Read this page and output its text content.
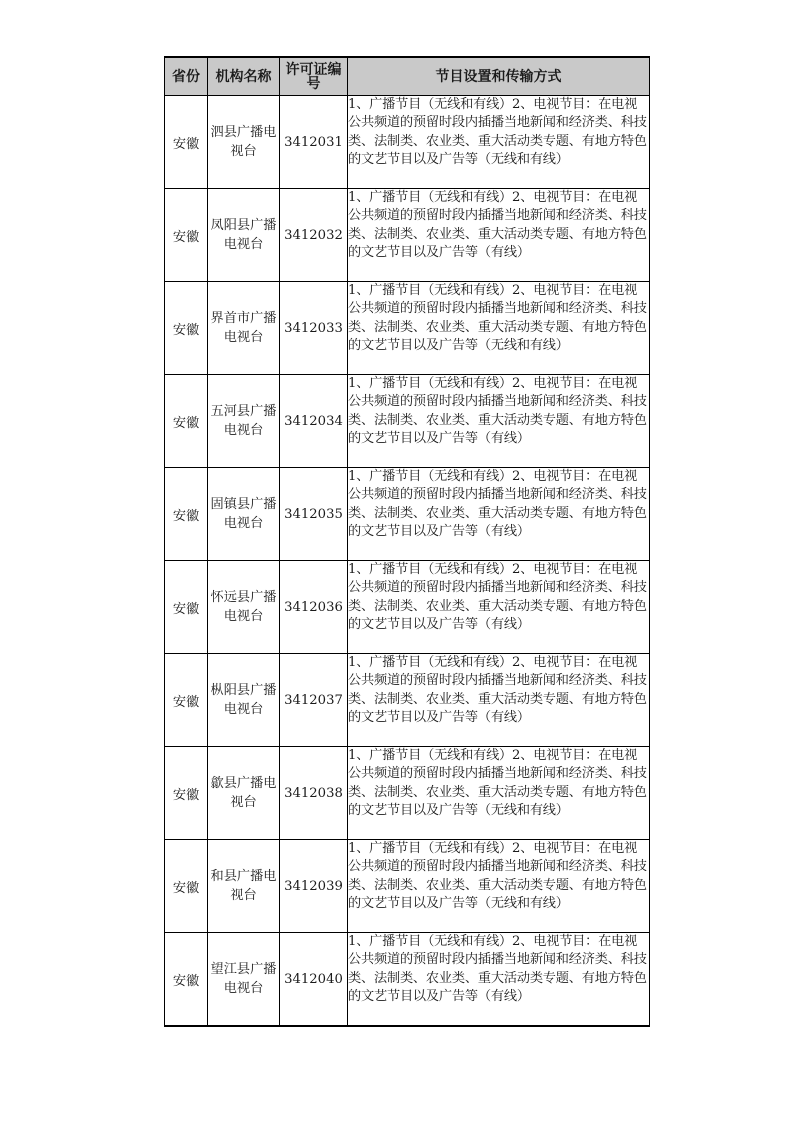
省份	机构名称	许可证编号	节目设置和传输方式
安徽	泗县广播电视台	3412031	1、广播节目（无线和有线）2、电视节目：在电视公共频道的预留时段内插播当地新闻和经济类、科技类、法制类、农业类、重大活动类专题、有地方特色的文艺节目以及广告等（无线和有线）
安徽	凤阳县广播电视台	3412032	1、广播节目（无线和有线）2、电视节目：在电视公共频道的预留时段内插播当地新闻和经济类、科技类、法制类、农业类、重大活动类专题、有地方特色的文艺节目以及广告等（有线）
安徽	界首市广播电视台	3412033	1、广播节目（无线和有线）2、电视节目：在电视公共频道的预留时段内插播当地新闻和经济类、科技类、法制类、农业类、重大活动类专题、有地方特色的文艺节目以及广告等（无线和有线）
安徽	五河县广播电视台	3412034	1、广播节目（无线和有线）2、电视节目：在电视公共频道的预留时段内插播当地新闻和经济类、科技类、法制类、农业类、重大活动类专题、有地方特色的文艺节目以及广告等（有线）
安徽	固镇县广播电视台	3412035	1、广播节目（无线和有线）2、电视节目：在电视公共频道的预留时段内插播当地新闻和经济类、科技类、法制类、农业类、重大活动类专题、有地方特色的文艺节目以及广告等（有线）
安徽	怀远县广播电视台	3412036	1、广播节目（无线和有线）2、电视节目：在电视公共频道的预留时段内插播当地新闻和经济类、科技类、法制类、农业类、重大活动类专题、有地方特色的文艺节目以及广告等（有线）
安徽	枞阳县广播电视台	3412037	1、广播节目（无线和有线）2、电视节目：在电视公共频道的预留时段内插播当地新闻和经济类、科技类、法制类、农业类、重大活动类专题、有地方特色的文艺节目以及广告等（有线）
安徽	歙县广播电视台	3412038	1、广播节目（无线和有线）2、电视节目：在电视公共频道的预留时段内插播当地新闻和经济类、科技类、法制类、农业类、重大活动类专题、有地方特色的文艺节目以及广告等（无线和有线）
安徽	和县广播电视台	3412039	1、广播节目（无线和有线）2、电视节目：在电视公共频道的预留时段内插播当地新闻和经济类、科技类、法制类、农业类、重大活动类专题、有地方特色的文艺节目以及广告等（无线和有线）
安徽	望江县广播电视台	3412040	1、广播节目（无线和有线）2、电视节目：在电视公共频道的预留时段内插播当地新闻和经济类、科技类、法制类、农业类、重大活动类专题、有地方特色的文艺节目以及广告等（有线）
